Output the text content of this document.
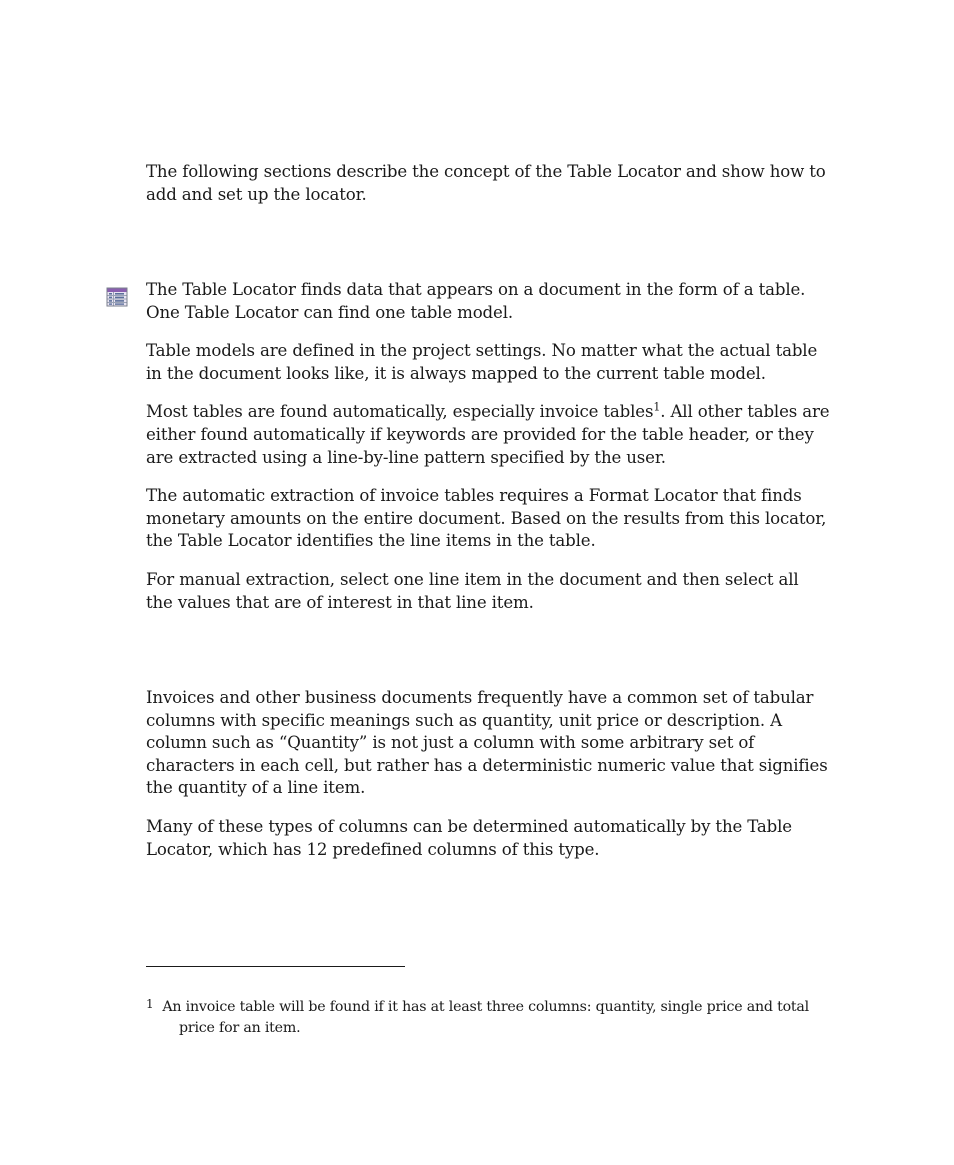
The following sections describe the concept of the Table Locator and show how to add and set up the locator.

The Table Locator finds data that appears on a document in the form of a table. One Table Locator can find one table model.

Table models are defined in the project settings. No matter what the actual table in the document looks like, it is always mapped to the current table model.

Most tables are found automatically, especially invoice tables$^1$. All other tables are either found automatically if keywords are provided for the table header, or they are extracted using a line-by-line pattern specified by the user.

The automatic extraction of invoice tables requires a Format Locator that finds monetary amounts on the entire document. Based on the results from this locator, the Table Locator identifies the line items in the table.

For manual extraction, select one line item in the document and then select all the values that are of interest in that line item.

Invoices and other business documents frequently have a common set of tabular columns with specific meanings such as quantity, unit price or description. A column such as “Quantity” is not just a column with some arbitrary set of characters in each cell, but rather has a deterministic numeric value that signifies the quantity of a line item.

Many of these types of columns can be determined automatically by the Table Locator, which has 12 predefined columns of this type.

1 An invoice table will be found if it has at least three columns: quantity, single price and total price for an item.
